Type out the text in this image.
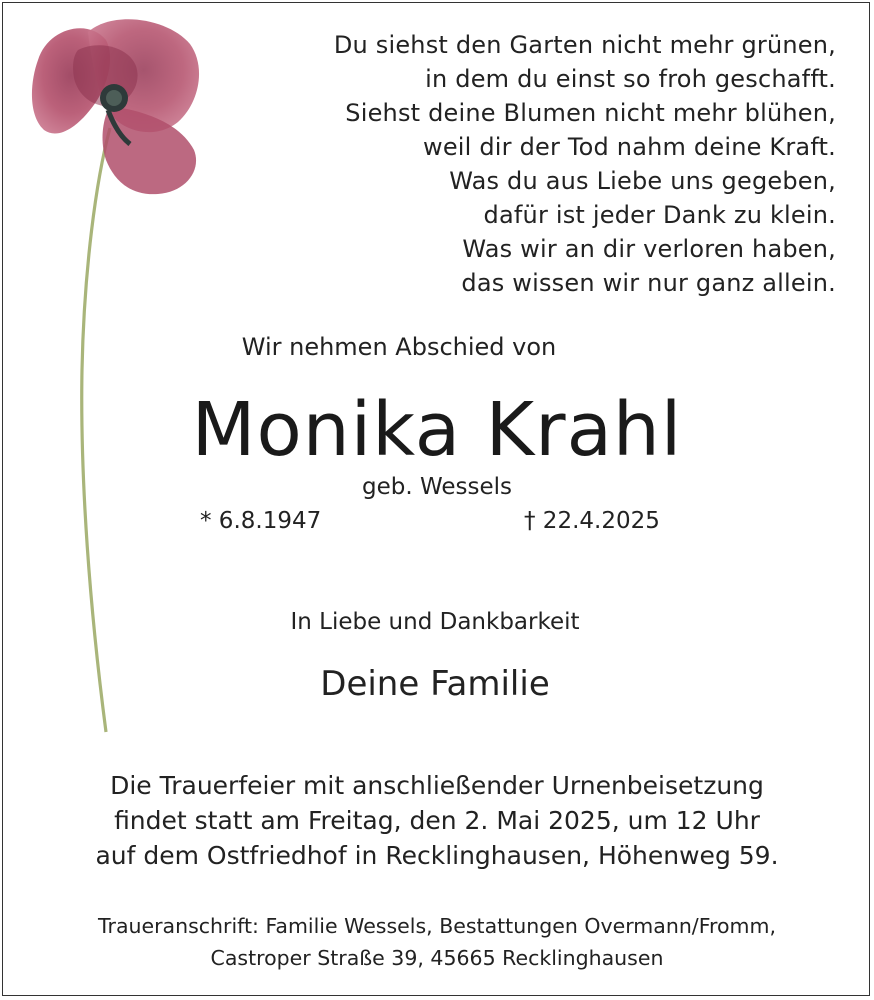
Du siehst den Garten nicht mehr grünen,
in dem du einst so froh geschafft.
Siehst deine Blumen nicht mehr blühen,
weil dir der Tod nahm deine Kraft.
Was du aus Liebe uns gegeben,
dafür ist jeder Dank zu klein.
Was wir an dir verloren haben,
das wissen wir nur ganz allein.
Wir nehmen Abschied von
Monika Krahl
geb. Wessels
* 6.8.1947	† 22.4.2025
In Liebe und Dankbarkeit
Deine Familie
Die Trauerfeier mit anschließender Urnenbeisetzung
findet statt am Freitag, den 2. Mai 2025, um 12 Uhr
auf dem Ostfriedhof in Recklinghausen, Höhenweg 59.
Traueranschrift: Familie Wessels, Bestattungen Overmann/Fromm,
Castroper Straße 39, 45665 Recklinghausen
